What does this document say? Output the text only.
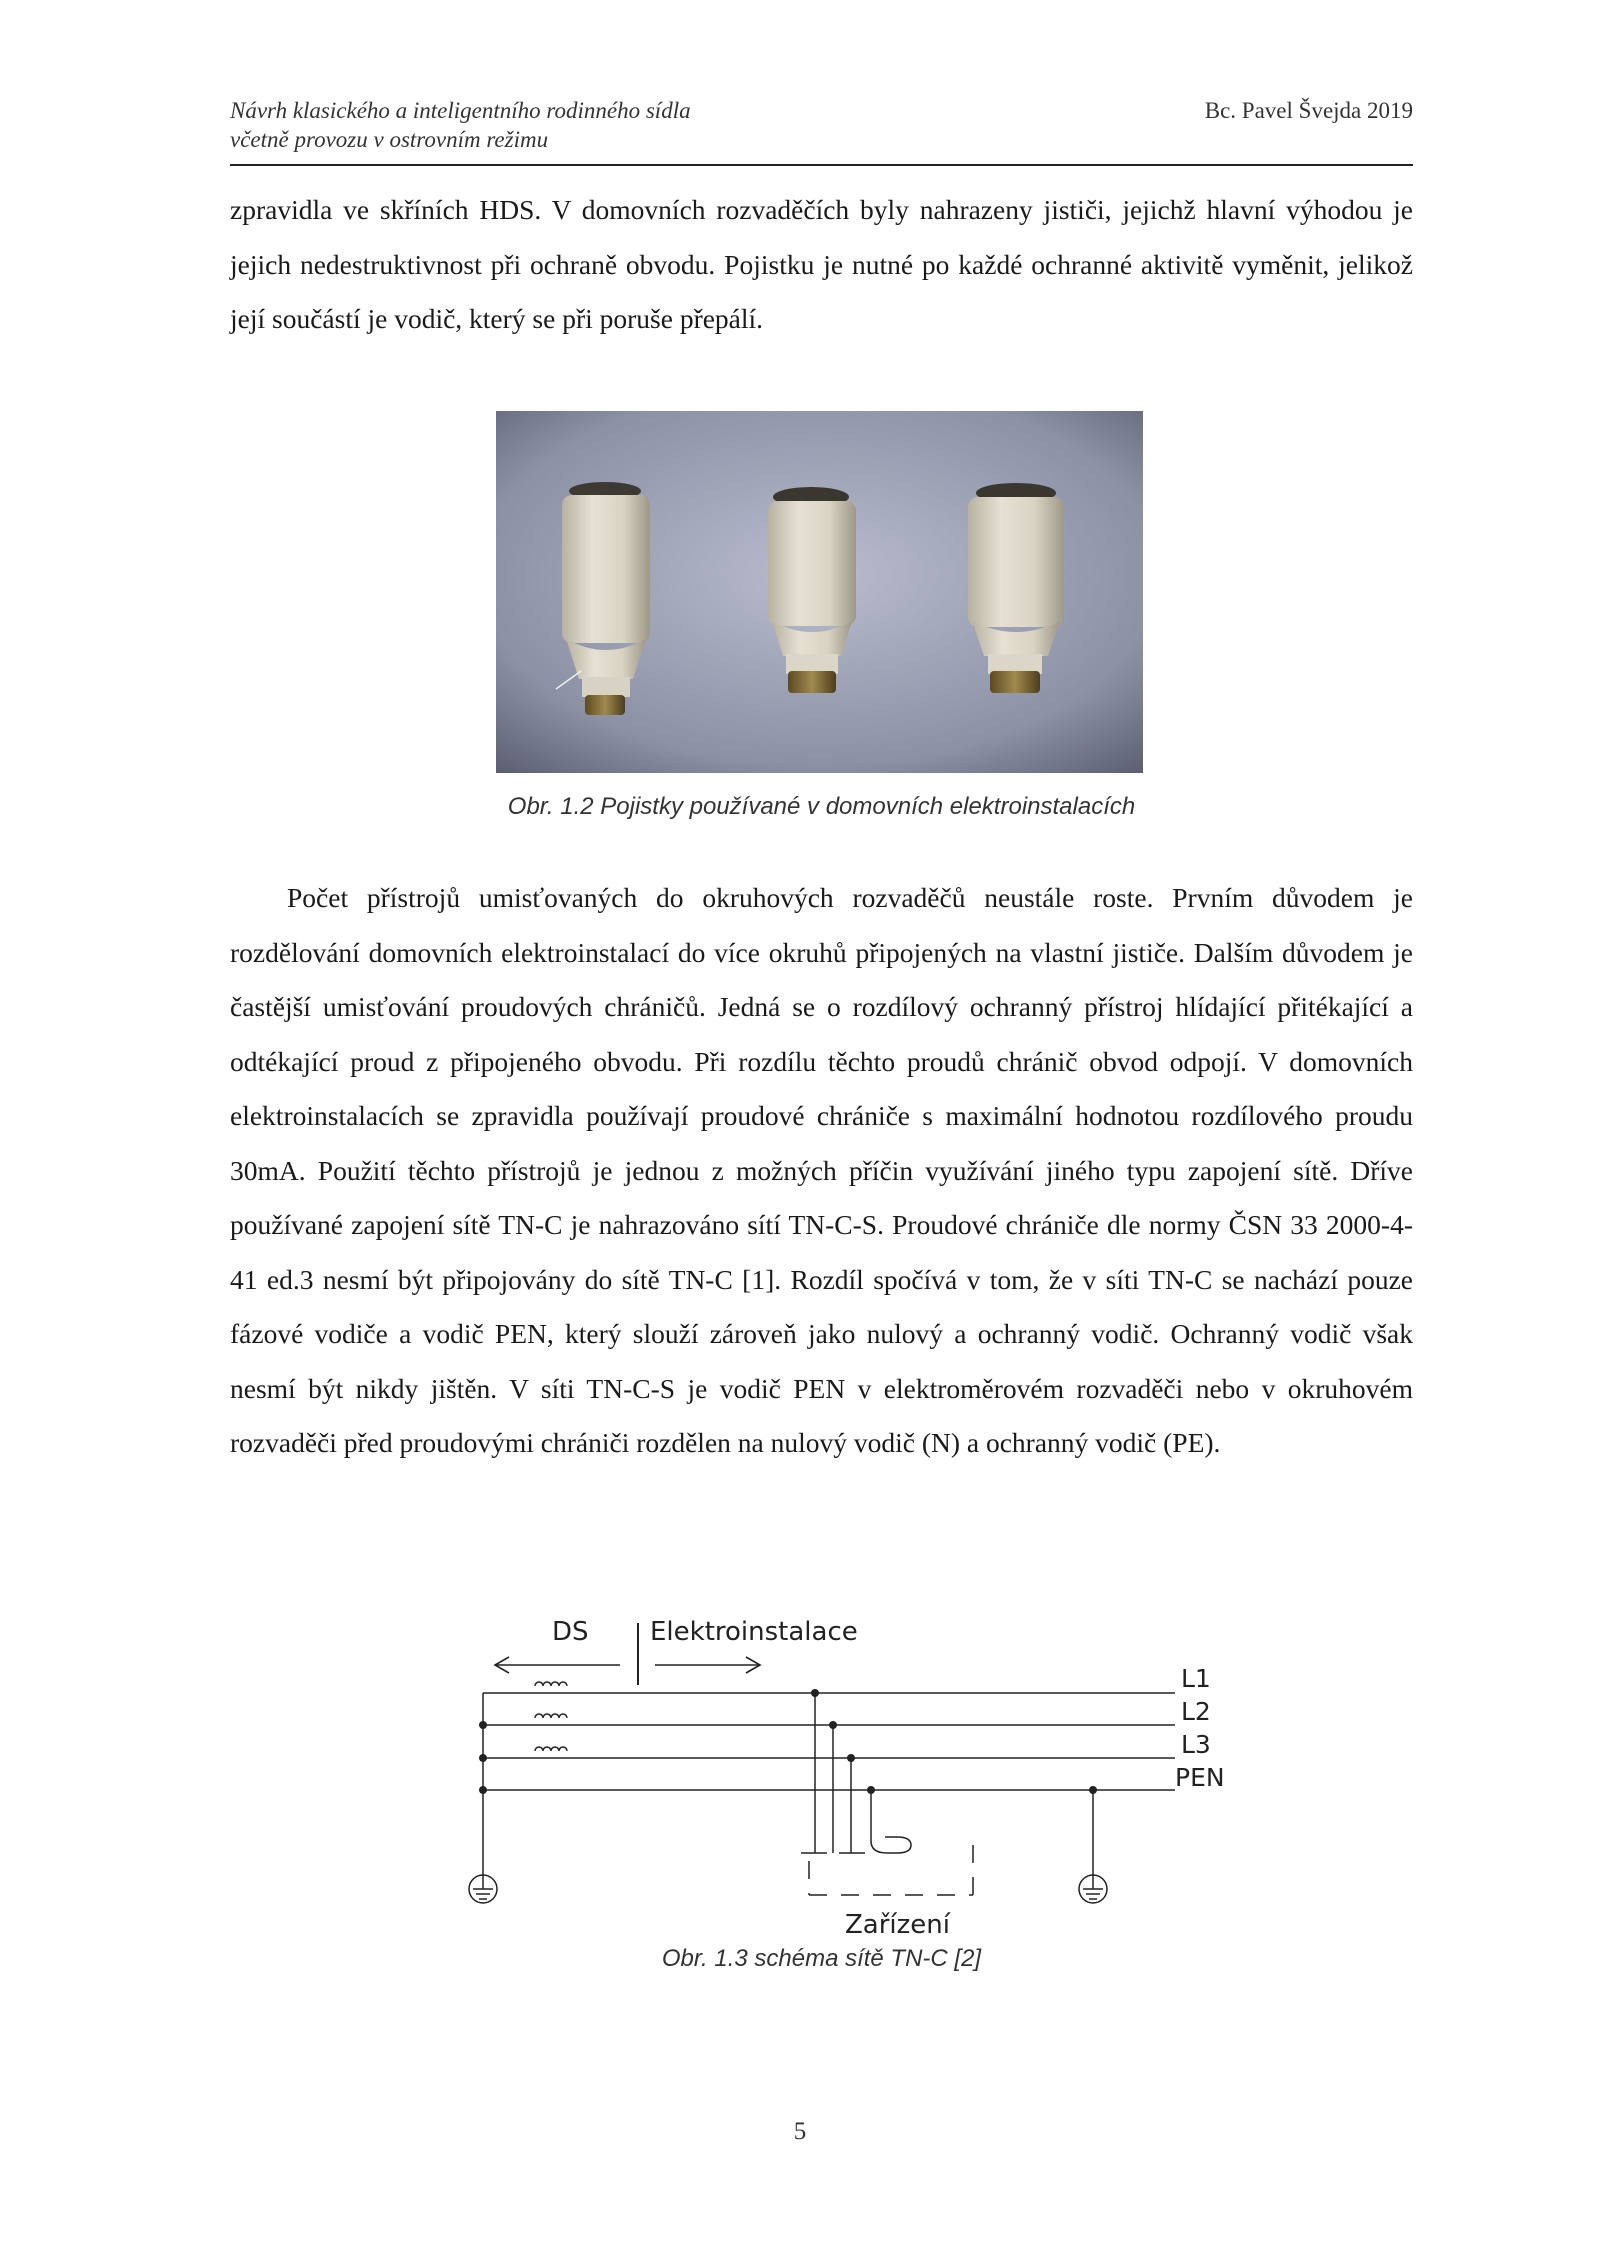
Návrh klasického a inteligentního rodinného sídla
včetně provozu v ostrovním režimu
Bc. Pavel Švejda 2019

zpravidla ve skříních HDS. V domovních rozvaděčích byly nahrazeny jističi, jejichž hlavní výhodou je jejich nedestruktivnost při ochraně obvodu. Pojistku je nutné po každé ochranné aktivitě vyměnit, jelikož její součástí je vodič, který se při poruše přepálí.

Obr. 1.2 Pojistky používané v domovních elektroinstalacích

Počet přístrojů umisťovaných do okruhových rozvaděčů neustále roste. Prvním důvodem je rozdělování domovních elektroinstalací do více okruhů připojených na vlastní jističe. Dalším důvodem je častější umisťování proudových chráničů. Jedná se o rozdílový ochranný přístroj hlídající přitékající a odtékající proud z připojeného obvodu. Při rozdílu těchto proudů chránič obvod odpojí. V domovních elektroinstalacích se zpravidla používají proudové chrániče s maximální hodnotou rozdílového proudu 30mA. Použití těchto přístrojů je jednou z možných příčin využívání jiného typu zapojení sítě. Dříve používané zapojení sítě TN-C je nahrazováno sítí TN-C-S. Proudové chrániče dle normy ČSN 33 2000-4-41 ed.3 nesmí být připojovány do sítě TN-C [1]. Rozdíl spočívá v tom, že v síti TN-C se nachází pouze fázové vodiče a vodič PEN, který slouží zároveň jako nulový a ochranný vodič. Ochranný vodič však nesmí být nikdy jištěn. V síti TN-C-S je vodič PEN v elektroměrovém rozvaděči nebo v okruhovém rozvaděči před proudovými chrániči rozdělen na nulový vodič (N) a ochranný vodič (PE).

DS Elektroinstalace
L1
L2
L3
PEN
Zařízení
Obr. 1.3 schéma sítě TN-C [2]
5
